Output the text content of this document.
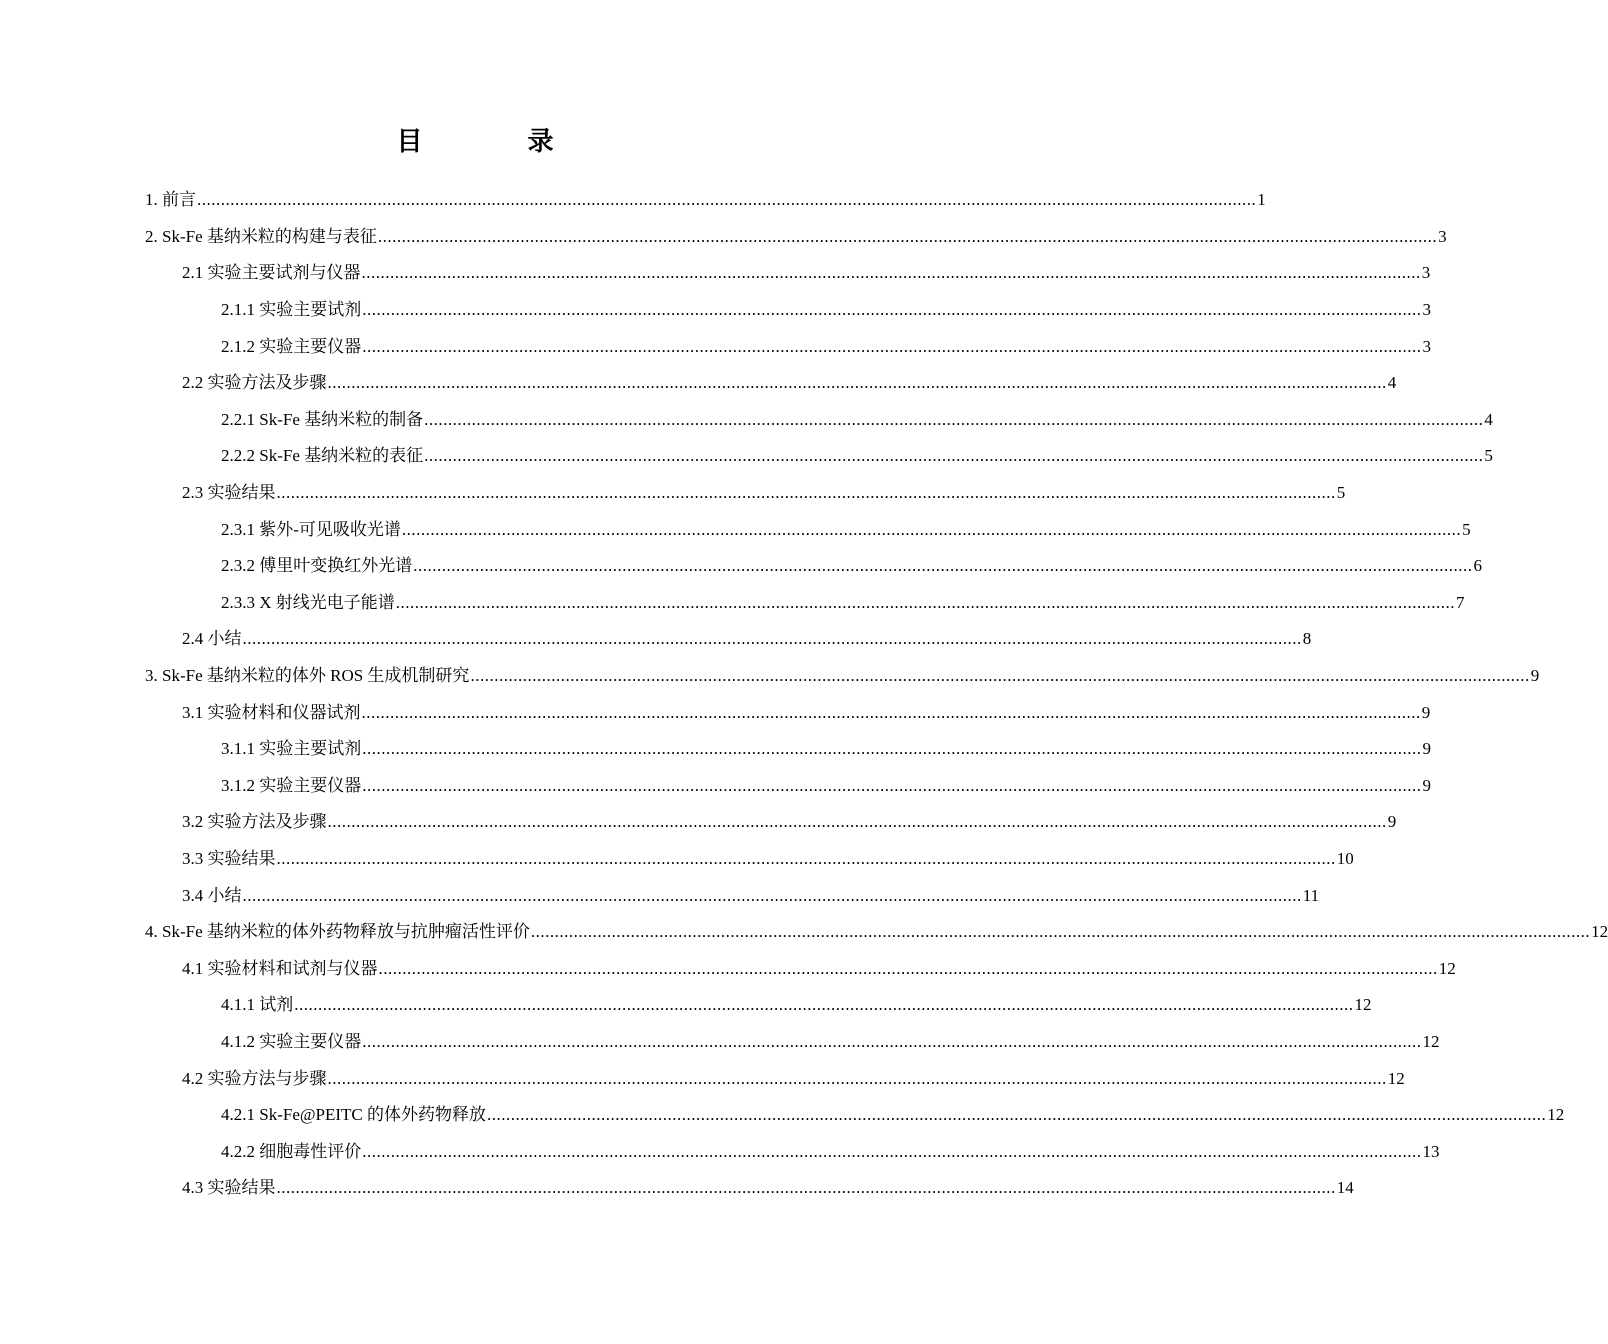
目 录
1. 前言 ............................................................................................................................................................................................................................... 1
2. Sk-Fe 基纳米粒的构建与表征 ............................................................................................................................................................................................................................... 3
2.1 实验主要试剂与仪器 ............................................................................................................................................................................................................................... 3
2.1.1 实验主要试剂 ............................................................................................................................................................................................................................... 3
2.1.2 实验主要仪器 ............................................................................................................................................................................................................................... 3
2.2 实验方法及步骤 ............................................................................................................................................................................................................................... 4
2.2.1 Sk-Fe 基纳米粒的制备 ............................................................................................................................................................................................................................... 4
2.2.2 Sk-Fe 基纳米粒的表征 ............................................................................................................................................................................................................................... 5
2.3 实验结果 ............................................................................................................................................................................................................................... 5
2.3.1 紫外-可见吸收光谱 ............................................................................................................................................................................................................................... 5
2.3.2 傅里叶变换红外光谱 ............................................................................................................................................................................................................................... 6
2.3.3 X 射线光电子能谱 ............................................................................................................................................................................................................................... 7
2.4 小结 ............................................................................................................................................................................................................................... 8
3. Sk-Fe 基纳米粒的体外 ROS 生成机制研究 ............................................................................................................................................................................................................................... 9
3.1 实验材料和仪器试剂 ............................................................................................................................................................................................................................... 9
3.1.1 实验主要试剂 ............................................................................................................................................................................................................................... 9
3.1.2 实验主要仪器 ............................................................................................................................................................................................................................... 9
3.2 实验方法及步骤 ............................................................................................................................................................................................................................... 9
3.3 实验结果 ............................................................................................................................................................................................................................... 10
3.4 小结 ............................................................................................................................................................................................................................... 11
4. Sk-Fe 基纳米粒的体外药物释放与抗肿瘤活性评价 ............................................................................................................................................................................................................................... 12
4.1 实验材料和试剂与仪器 ............................................................................................................................................................................................................................... 12
4.1.1 试剂 ............................................................................................................................................................................................................................... 12
4.1.2 实验主要仪器 ............................................................................................................................................................................................................................... 12
4.2 实验方法与步骤 ............................................................................................................................................................................................................................... 12
4.2.1 Sk-Fe@PEITC 的体外药物释放 ............................................................................................................................................................................................................................... 12
4.2.2 细胞毒性评价 ............................................................................................................................................................................................................................... 13
4.3 实验结果 ............................................................................................................................................................................................................................... 14
